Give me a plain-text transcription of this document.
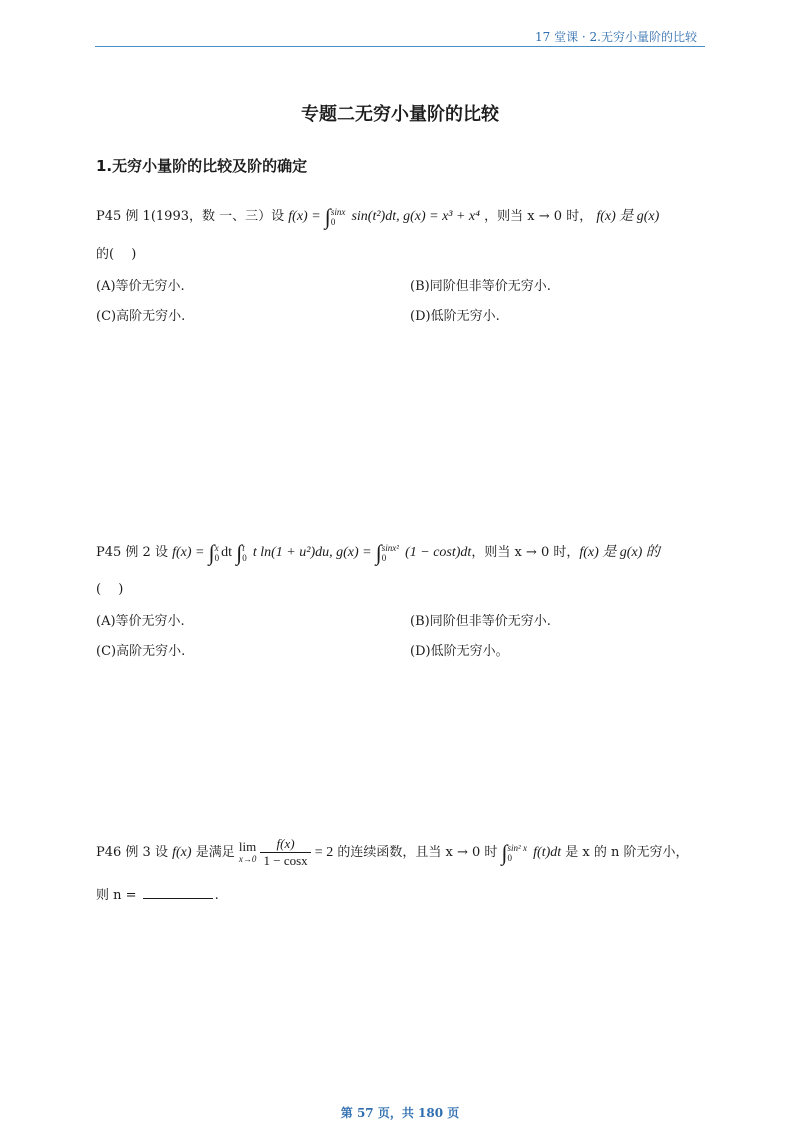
17 堂课 · 2.无穷小量阶的比较
专题二无穷小量阶的比较
1.无穷小量阶的比较及阶的确定
P45 例 1(1993，数 一、三）设 f(x) = ∫ sinx
0	sin(t²)dt, g(x) = x³ + x⁴ ，则当 x → 0 时， f(x) 是 g(x)
的(　 )
(A)等价无穷小.	(B)同阶但非等价无穷小.
(C)高阶无穷小.	(D)低阶无穷小.
P45 例 2 设 f(x) = ∫ x
0 dt ∫ t
0 t ln(1 + u²)du, g(x) = ∫ sinx²
0	(1 − cost)dt，则当 x → 0 时，f(x) 是 g(x) 的
(　 )
(A)等价无穷小.	(B)同阶但非等价无穷小.
(C)高阶无穷小.	(D)低阶无穷小。
P46 例 3 设 f(x) 是满足 lim
x→0
$\frac{f(x)}{1 - \cos x} = 2$ 的连续函数，且当 x → 0 时 ∫ sin² x
0	f(t)dt 是 x 的 n 阶无穷小，
则 n =	.
第 57 页，共 180 页
